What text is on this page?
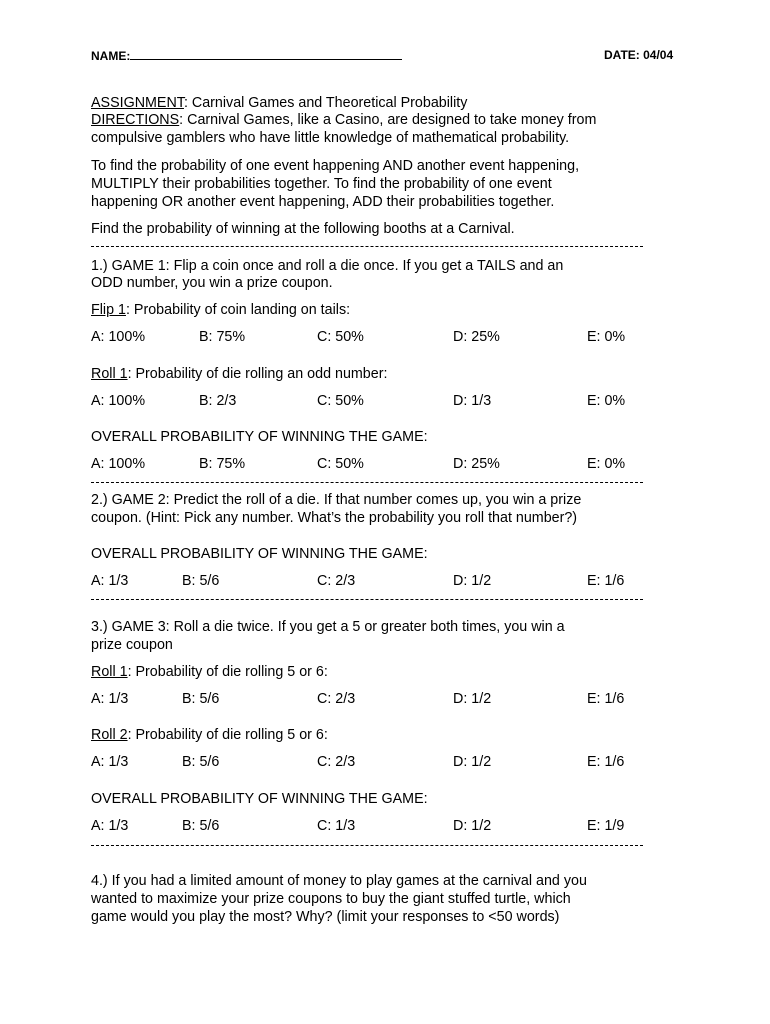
NAME:	DATE: 04/04
ASSIGNMENT: Carnival Games and Theoretical Probability
DIRECTIONS: Carnival Games, like a Casino, are designed to take money from
compulsive gamblers who have little knowledge of mathematical probability.
To find the probability of one event happening AND another event happening,
MULTIPLY their probabilities together. To find the probability of one event
happening OR another event happening, ADD their probabilities together.
Find the probability of winning at the following booths at a Carnival.
1.) GAME 1: Flip a coin once and roll a die once. If you get a TAILS and an
ODD number, you win a prize coupon.
Flip 1: Probability of coin landing on tails:
A: 100%	B: 75%	C: 50%	D: 25%	E: 0%
Roll 1: Probability of die rolling an odd number:
A: 100%	B: 2/3	C: 50%	D: 1/3	E: 0%
OVERALL PROBABILITY OF WINNING THE GAME:
A: 100%	B: 75%	C: 50%	D: 25%	E: 0%
2.) GAME 2: Predict the roll of a die. If that number comes up, you win a prize
coupon. (Hint: Pick any number. What’s the probability you roll that number?)
OVERALL PROBABILITY OF WINNING THE GAME:
A: 1/3	B: 5/6	C: 2/3	D: 1/2	E: 1/6
3.) GAME 3: Roll a die twice. If you get a 5 or greater both times, you win a
prize coupon
Roll 1: Probability of die rolling 5 or 6:
A: 1/3	B: 5/6	C: 2/3	D: 1/2	E: 1/6
Roll 2: Probability of die rolling 5 or 6:
A: 1/3	B: 5/6	C: 2/3	D: 1/2	E: 1/6
OVERALL PROBABILITY OF WINNING THE GAME:
A: 1/3	B: 5/6	C: 1/3	D: 1/2	E: 1/9
4.) If you had a limited amount of money to play games at the carnival and you
wanted to maximize your prize coupons to buy the giant stuffed turtle, which
game would you play the most? Why? (limit your responses to <50 words)
